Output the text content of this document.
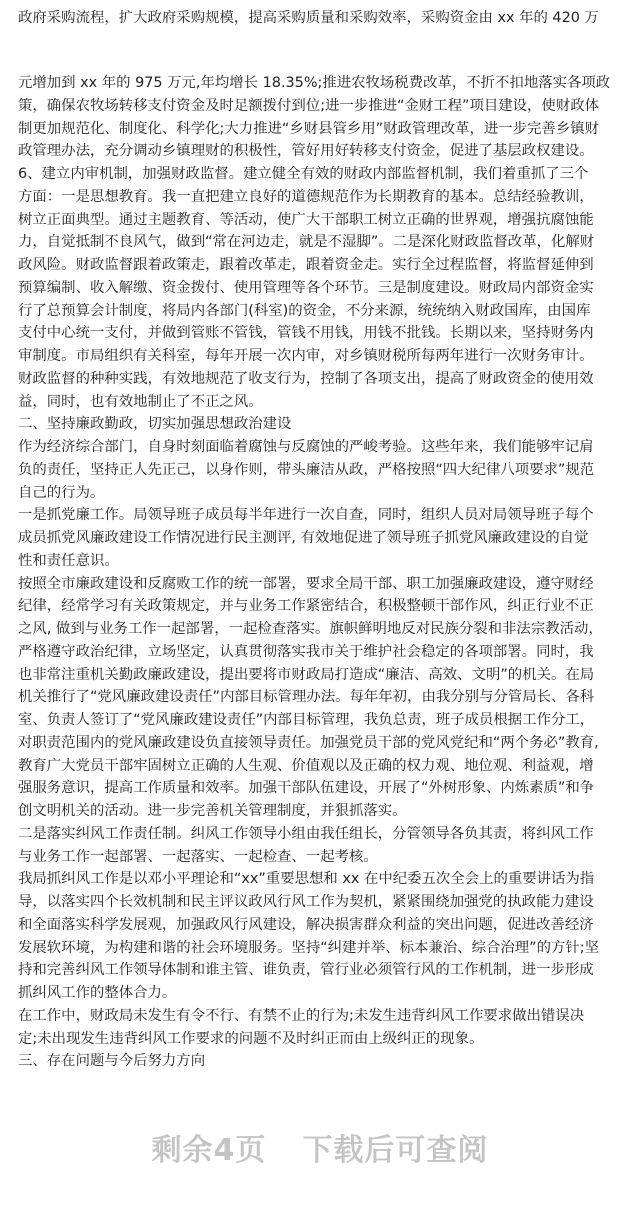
政府采购流程，扩大政府采购规模，提高采购质量和采购效率，采购资金由 xx 年的 420 万
元增加到 xx 年的 975 万元,年均增长 18.35%;推进农牧场税费改革，不折不扣地落实各项政
策，确保农牧场转移支付资金及时足额拨付到位;进一步推进“金财工程”项目建设，使财政体
制更加规范化、制度化、科学化;大力推进“乡财县管乡用”财政管理改革，进一步完善乡镇财
政管理办法，充分调动乡镇理财的积极性，管好用好转移支付资金，促进了基层政权建设。
6、建立内审机制，加强财政监督。建立健全有效的财政内部监督机制，我们着重抓了三个
方面：一是思想教育。我一直把建立良好的道德规范作为长期教育的基本。总结经验教训，
树立正面典型。通过主题教育、等活动，使广大干部职工树立正确的世界观，增强抗腐蚀能
力，自觉抵制不良风气，做到“常在河边走，就是不湿脚”。二是深化财政监督改革，化解财
政风险。财政监督跟着政策走，跟着改革走，跟着资金走。实行全过程监督，将监督延伸到
预算编制、收入解缴、资金拨付、使用管理等各个环节。三是制度建设。财政局内部资金实
行了总预算会计制度，将局内各部门(科室)的资金，不分来源，统统纳入财政国库，由国库
支付中心统一支付，并做到管账不管钱，管钱不用钱，用钱不批钱。长期以来，坚持财务内
审制度。市局组织有关科室，每年开展一次内审，对乡镇财税所每两年进行一次财务审计。
财政监督的种种实践，有效地规范了收支行为，控制了各项支出，提高了财政资金的使用效
益，同时，也有效地制止了不正之风。
二、坚持廉政勤政，切实加强思想政治建设
作为经济综合部门，自身时刻面临着腐蚀与反腐蚀的严峻考验。这些年来，我们能够牢记肩
负的责任，坚持正人先正己，以身作则，带头廉洁从政，严格按照“四大纪律八项要求”规范
自己的行为。
一是抓党廉工作。局领导班子成员每半年进行一次自查，同时，组织人员对局领导班子每个
成员抓党风廉政建设工作情况进行民主测评, 有效地促进了领导班子抓党风廉政建设的自觉
性和责任意识。
按照全市廉政建设和反腐败工作的统一部署，要求全局干部、职工加强廉政建设，遵守财经
纪律，经常学习有关政策规定，并与业务工作紧密结合，积极整顿干部作风，纠正行业不正
之风, 做到与业务工作一起部署，一起检查落实。旗帜鲜明地反对民族分裂和非法宗教活动，
严格遵守政治纪律，立场坚定，认真贯彻落实我市关于维护社会稳定的各项部署。同时，我
也非常注重机关勤政廉政建设，提出要将市财政局打造成“廉洁、高效、文明”的机关。在局
机关推行了“党风廉政建设责任”内部目标管理办法。每年年初，由我分别与分管局长、各科
室、负责人签订了“党风廉政建设责任”内部目标管理，我负总责，班子成员根据工作分工，
对职责范围内的党风廉政建设负直接领导责任。加强党员干部的党风党纪和“两个务必”教育,
教育广大党员干部牢固树立正确的人生观、价值观以及正确的权力观、地位观、利益观，增
强服务意识，提高工作质量和效率。加强干部队伍建设，开展了“外树形象、内炼素质”和争
创文明机关的活动。进一步完善机关管理制度，并狠抓落实。
二是落实纠风工作责任制。纠风工作领导小组由我任组长，分管领导各负其责，将纠风工作
与业务工作一起部署、一起落实、一起检查、一起考核。
我局抓纠风工作是以邓小平理论和“xx”重要思想和 xx 在中纪委五次全会上的重要讲话为指
导，以落实四个长效机制和民主评议政风行风工作为契机，紧紧围绕加强党的执政能力建设
和全面落实科学发展观，加强政风行风建设，解决损害群众利益的突出问题，促进改善经济
发展软环境，为构建和谐的社会环境服务。坚持“纠建并举、标本兼治、综合治理”的方针;坚
持和完善纠风工作领导体制和谁主管、谁负责，管行业必须管行风的工作机制，进一步形成
抓纠风工作的整体合力。
在工作中，财政局未发生有令不行、有禁不止的行为;未发生违背纠风工作要求做出错误决
定;未出现发生违背纠风工作要求的问题不及时纠正而由上级纠正的现象。
三、存在问题与今后努力方向
剩余4页 下载后可查阅
